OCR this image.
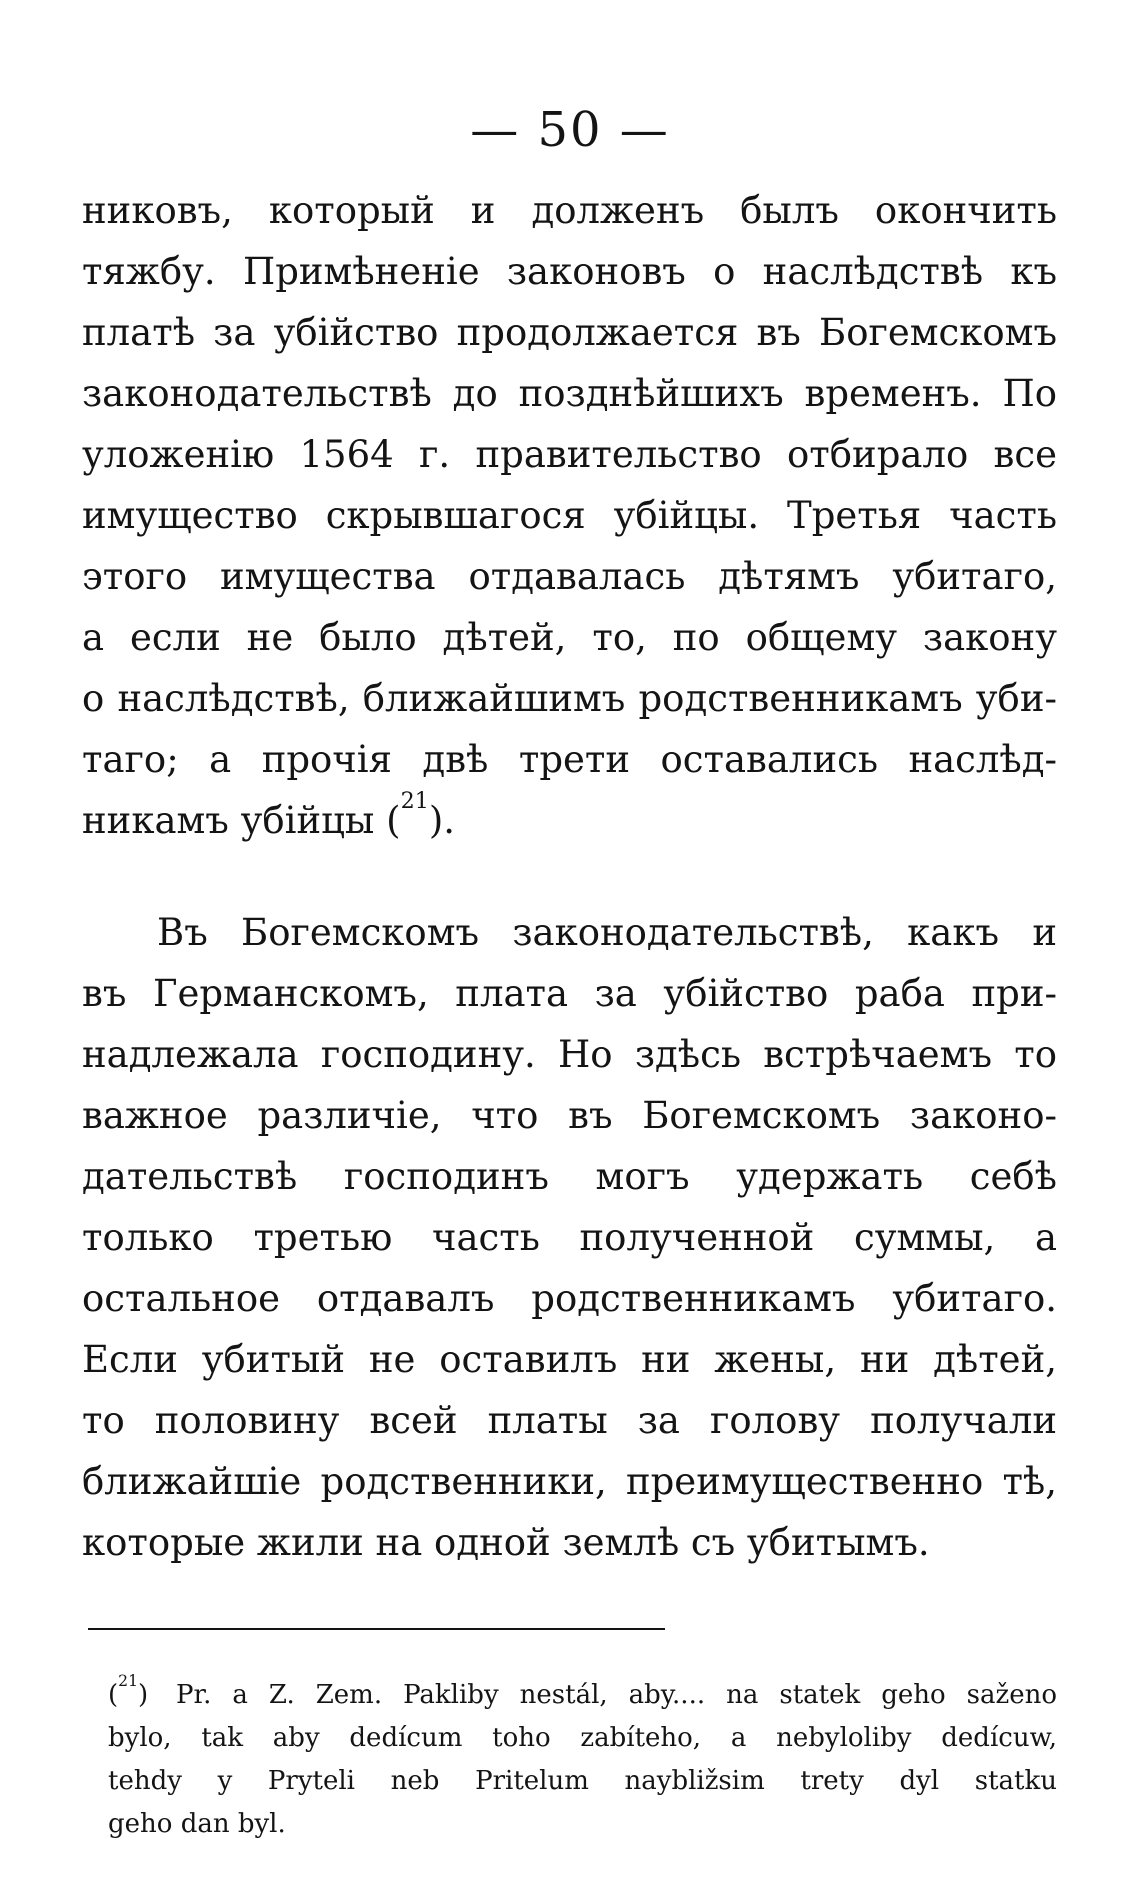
— 50 —
никовъ, который и долженъ былъ окончить
тяжбу. Примѣненіе законовъ о наслѣдствѣ къ
платѣ за убійство продолжается въ Богемскомъ
законодательствѣ до позднѣйшихъ временъ. По
уложенію 1564 г. правительство отбирало все
имущество скрывшагося убійцы. Третья часть
этого имущества отдавалась дѣтямъ убитаго,
а если не было дѣтей, то, по общему закону
о наслѣдствѣ, ближайшимъ родственникамъ уби-
таго; а прочія двѣ трети оставались наслѣд-
никамъ убійцы ($^{21}$).
Въ Богемскомъ законодательствѣ, какъ и
въ Германскомъ, плата за убійство раба при-
надлежала господину. Но здѣсь встрѣчаемъ то
важное различіе, что въ Богемскомъ законо-
дательствѣ господинъ могъ удержать себѣ
только третью часть полученной суммы, а
остальное отдавалъ родственникамъ убитаго.
Если убитый не оставилъ ни жены, ни дѣтей,
то половину всей платы за голову получали
ближайшіе родственники, преимущественно тѣ,
которые жили на одной землѣ съ убитымъ.
($^{21}$) Pr. a Z. Zem. Pakliby nestál, aby.... na statek geho saženo
bylo, tak aby dedícum toho zabíteho, a nebyloliby dedícuw,
tehdy y Pryteli neb Pritelum naybližsim trety dyl statku
geho dan byl.
